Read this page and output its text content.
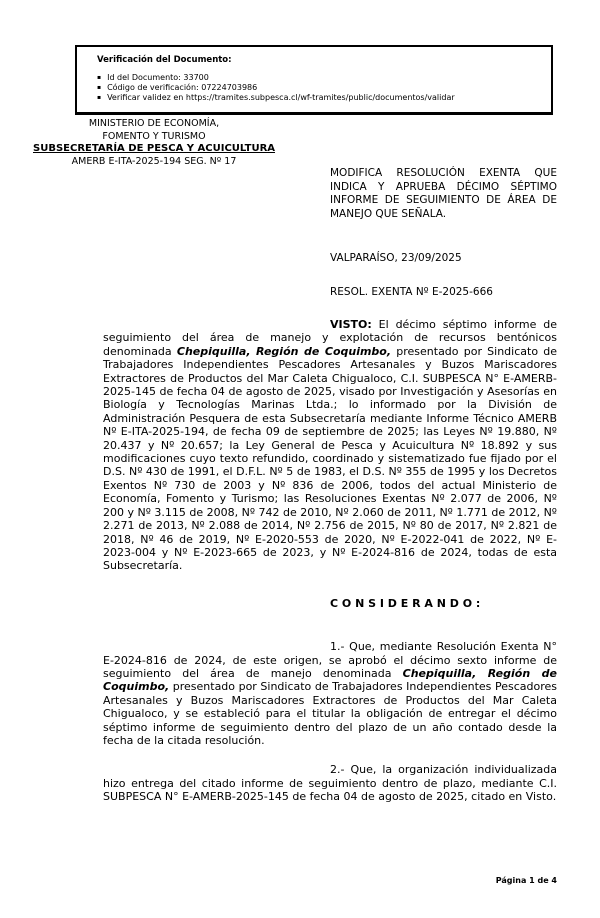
Verificación del Documento:
▪ Id del Documento: 33700
▪ Código de verificación: 07224703986
▪ Verificar validez en https://tramites.subpesca.cl/wf-tramites/public/documentos/validar
MINISTERIO DE ECONOMÍA,
FOMENTO Y TURISMO
SUBSECRETARÍA DE PESCA Y ACUICULTURA
AMERB E-ITA-2025-194 SEG. Nº 17
MODIFICA RESOLUCIÓN EXENTA QUE INDICA Y APRUEBA DÉCIMO SÉPTIMO INFORME DE SEGUIMIENTO DE ÁREA DE MANEJO QUE SEÑALA.
VALPARAÍSO, 23/09/2025
RESOL. EXENTA Nº E-2025-666

VISTO: El décimo séptimo informe de seguimiento del área de manejo y explotación de recursos bentónicos denominada Chepiquilla, Región de Coquimbo, presentado por Sindicato de Trabajadores Independientes Pescadores Artesanales y Buzos Mariscadores Extractores de Productos del Mar Caleta Chigualoco, C.I. SUBPESCA N° E-AMERB-2025-145 de fecha 04 de agosto de 2025, visado por Investigación y Asesorías en Biología y Tecnologías Marinas Ltda.; lo informado por la División de Administración Pesquera de esta Subsecretaría mediante Informe Técnico AMERB Nº E-ITA-2025-194, de fecha 09 de septiembre de 2025; las Leyes Nº 19.880, Nº 20.437 y Nº 20.657; la Ley General de Pesca y Acuicultura Nº 18.892 y sus modificaciones cuyo texto refundido, coordinado y sistematizado fue fijado por el D.S. Nº 430 de 1991, el D.F.L. Nº 5 de 1983, el D.S. Nº 355 de 1995 y los Decretos Exentos Nº 730 de 2003 y Nº 836 de 2006, todos del actual Ministerio de Economía, Fomento y Turismo; las Resoluciones Exentas Nº 2.077 de 2006, Nº 200 y Nº 3.115 de 2008, Nº 742 de 2010, Nº 2.060 de 2011, Nº 1.771 de 2012, Nº 2.271 de 2013, Nº 2.088 de 2014, Nº 2.756 de 2015, Nº 80 de 2017, Nº 2.821 de 2018, Nº 46 de 2019, Nº E-2020-553 de 2020, Nº E-2022-041 de 2022, Nº E-2023-004 y Nº E-2023-665 de 2023, y Nº E-2024-816 de 2024, todas de esta Subsecretaría.

C O N S I D E R A N D O :

1.- Que, mediante Resolución Exenta N° E-2024-816 de 2024, de este origen, se aprobó el décimo sexto informe de seguimiento del área de manejo denominada Chepiquilla, Región de Coquimbo, presentado por Sindicato de Trabajadores Independientes Pescadores Artesanales y Buzos Mariscadores Extractores de Productos del Mar Caleta Chigualoco, y se estableció para el titular la obligación de entregar el décimo séptimo informe de seguimiento dentro del plazo de un año contado desde la fecha de la citada resolución.

2.- Que, la organización individualizada hizo entrega del citado informe de seguimiento dentro de plazo, mediante C.I. SUBPESCA N° E-AMERB-2025-145 de fecha 04 de agosto de 2025, citado en Visto.

Página 1 de 4
